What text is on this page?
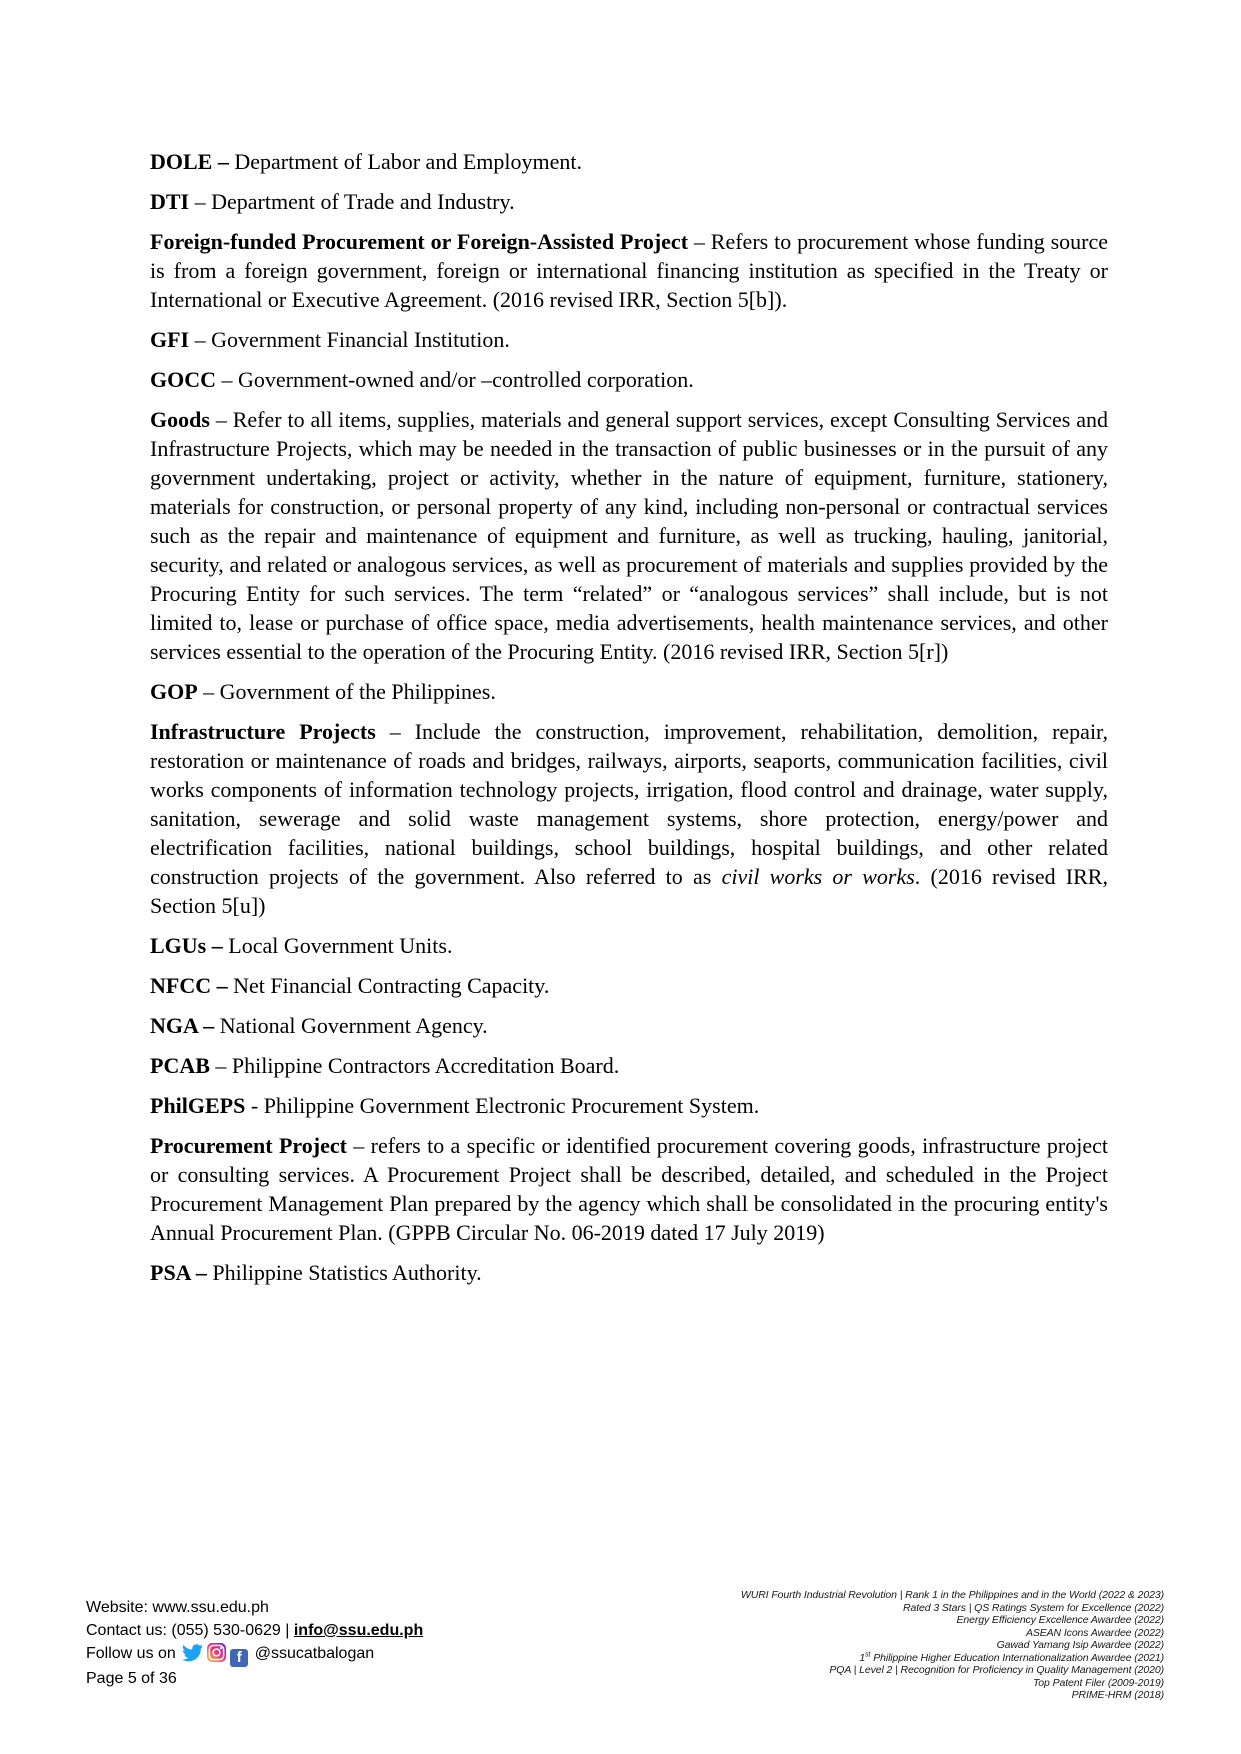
DOLE – Department of Labor and Employment.

DTI – Department of Trade and Industry.

Foreign-funded Procurement or Foreign-Assisted Project – Refers to procurement whose funding source is from a foreign government, foreign or international financing institution as specified in the Treaty or International or Executive Agreement. (2016 revised IRR, Section 5[b]).

GFI – Government Financial Institution.

GOCC – Government-owned and/or –controlled corporation.

Goods – Refer to all items, supplies, materials and general support services, except Consulting Services and Infrastructure Projects, which may be needed in the transaction of public businesses or in the pursuit of any government undertaking, project or activity, whether in the nature of equipment, furniture, stationery, materials for construction, or personal property of any kind, including non-personal or contractual services such as the repair and maintenance of equipment and furniture, as well as trucking, hauling, janitorial, security, and related or analogous services, as well as procurement of materials and supplies provided by the Procuring Entity for such services. The term “related” or “analogous services” shall include, but is not limited to, lease or purchase of office space, media advertisements, health maintenance services, and other services essential to the operation of the Procuring Entity. (2016 revised IRR, Section 5[r])

GOP – Government of the Philippines.

Infrastructure Projects – Include the construction, improvement, rehabilitation, demolition, repair, restoration or maintenance of roads and bridges, railways, airports, seaports, communication facilities, civil works components of information technology projects, irrigation, flood control and drainage, water supply, sanitation, sewerage and solid waste management systems, shore protection, energy/power and electrification facilities, national buildings, school buildings, hospital buildings, and other related construction projects of the government. Also referred to as civil works or works. (2016 revised IRR, Section 5[u])

LGUs – Local Government Units.

NFCC – Net Financial Contracting Capacity.

NGA – National Government Agency.

PCAB – Philippine Contractors Accreditation Board.

PhilGEPS - Philippine Government Electronic Procurement System.

Procurement Project – refers to a specific or identified procurement covering goods, infrastructure project or consulting services. A Procurement Project shall be described, detailed, and scheduled in the Project Procurement Management Plan prepared by the agency which shall be consolidated in the procuring entity's Annual Procurement Plan. (GPPB Circular No. 06-2019 dated 17 July 2019)

PSA – Philippine Statistics Authority.

Website: www.ssu.edu.ph
Contact us: (055) 530-0629 | info@ssu.edu.ph
Follow us on	f @ssucatbalogan
Page 5 of 36
WURI Fourth Industrial Revolution | Rank 1 in the Philippines and in the World (2022 & 2023)
Rated 3 Stars | QS Ratings System for Excellence (2022)
Energy Efficiency Excellence Awardee (2022)
ASEAN Icons Awardee (2022)
Gawad Yamang Isip Awardee (2022)
1st Philippine Higher Education Internationalization Awardee (2021)
PQA | Level 2 | Recognition for Proficiency in Quality Management (2020)
Top Patent Filer (2009-2019)
PRIME-HRM (2018)
